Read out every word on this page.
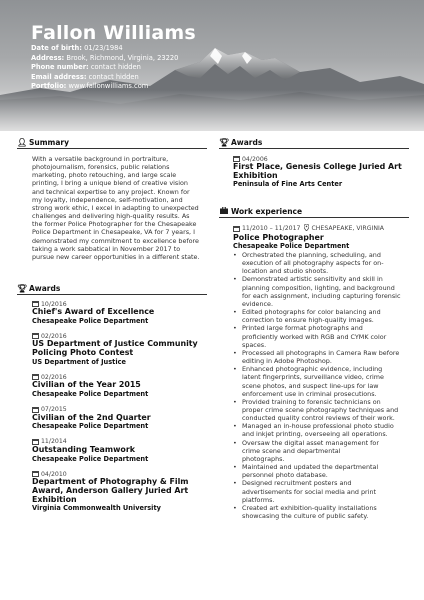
Fallon Williams
Date of birth: 01/23/1984
Address: Brook, Richmond, Virginia, 23220
Phone number: contact hidden
Email address: contact hidden
Portfolio: www.fallonwilliams.com
👤︎ Summary
With a versatile background in portraiture,
photojournalism, forensics, public relations
marketing, photo retouching, and large scale
printing, I bring a unique blend of creative vision
and technical expertise to any project. Known for
my loyalty, independence, self-motivation, and
strong work ethic, I excel in adapting to unexpected
challenges and delivering high-quality results. As
the former Police Photographer for the Chesapeake
Police Department in Chesapeake, VA for 7 years, I
demonstrated my commitment to excellence before
taking a work sabbatical in November 2017 to
pursue new career opportunities in a different state.
🏆︎ Awards
10/2016
Chief's Award of Excellence
Chesapeake Police Department
02/2016
US Department of Justice Community
Policing Photo Contest
US Department of Justice
02/2016
Civilian of the Year 2015
Chesapeake Police Department
07/2015
Civilian of the 2nd Quarter
Chesapeake Police Department
11/2014
Outstanding Teamwork
Chesapeake Police Department
04/2010
Department of Photography & Film
Award, Anderson Gallery Juried Art
Exhibition
Virginia Commonwealth University
🏆︎ Awards
04/2006
First Place, Genesis College Juried Art
Exhibition
Peninsula of Fine Arts Center
Work experience
11/2010 – 11/2017 CHESAPEAKE, VIRGINIA
Police Photographer
Chesapeake Police Department
• Orchestrated the planning, scheduling, and
execution of all photography aspects for on-
location and studio shoots.
• Demonstrated artistic sensitivity and skill in
planning composition, lighting, and background
for each assignment, including capturing forensic
evidence.
• Edited photographs for color balancing and
correction to ensure high-quality images.
• Printed large format photographs and
proficiently worked with RGB and CYMK color
spaces.
• Processed all photographs in Camera Raw before
editing in Adobe Photoshop.
• Enhanced photographic evidence, including
latent fingerprints, surveillance video, crime
scene photos, and suspect line-ups for law
enforcement use in criminal prosecutions.
• Provided training to forensic technicians on
proper crime scene photography techniques and
conducted quality control reviews of their work.
• Managed an in-house professional photo studio
and inkjet printing, overseeing all operations.
• Oversaw the digital asset management for
crime scene and departmental
photographs.
• Maintained and updated the departmental
personnel photo database.
• Designed recruitment posters and
advertisements for social media and print
platforms.
• Created art exhibition-quality installations
showcasing the culture of public safety.
